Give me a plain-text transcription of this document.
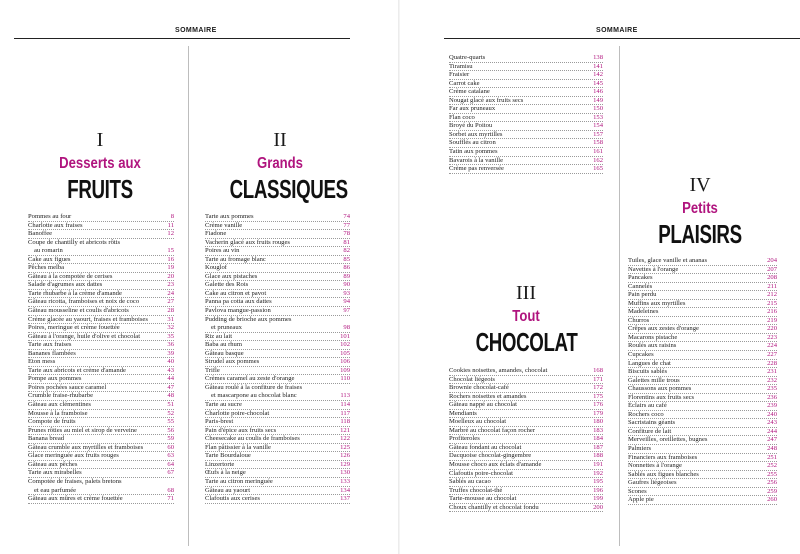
SOMMAIRE
I
Desserts aux
FRUITS
Pommes au four	8
Charlotte aux fraises	11
Banoffee	12
Coupe de chantilly et abricots rôtis
au romarin	15
Cake aux figues	16
Pêches melba	19
Gâteau à la compotée de cerises	20
Salade d'agrumes aux dattes	23
Tarte rhubarbe à la crème d'amande	24
Gâteau ricotta, framboises et noix de coco	27
Gâteau mousseline et coulis d'abricots	28
Crème glacée au yaourt, fraises et framboises	31
Poires, meringue et crème fouettée	32
Gâteau à l'orange, huile d'olive et chocolat	35
Tarte aux fraises	36
Bananes flambées	39
Eton mess	40
Tarte aux abricots et crème d'amande	43
Pompe aux pommes	44
Poires pochées sauce caramel	47
Crumble fraise-rhubarbe	48
Gâteau aux clémentines	51
Mousse à la framboise	52
Compote de fruits	55
Prunes rôties au miel et sirop de verveine	56
Banana bread	59
Gâteau crumble aux myrtilles et framboises	60
Glace meringuée aux fruits rouges	63
Gâteau aux pêches	64
Tarte aux mirabelles	67
Compotée de fraises, palets bretons
et eau parfumée	68
Gâteau aux mûres et crème fouettée	71
II
Grands
CLASSIQUES
Tarte aux pommes	74
Crème vanille	77
Fiadone	78
Vacherin glacé aux fruits rouges	81
Poires au vin	82
Tarte au fromage blanc	85
Kouglof	86
Glace aux pistaches	89
Galette des Rois	90
Cake au citron et pavot	93
Panna pa cotta aux dattes	94
Pavlova mangue-passion	97
Pudding de brioche aux pommes
et pruneaux	98
Riz au lait	101
Baba au rhum	102
Gâteau basque	105
Strudel aux pommes	106
Trifle	109
Crèmes caramel au zeste d'orange	110
Gâteau roulé à la confiture de fraises
et mascarpone au chocolat blanc	113
Tarte au sucre	114
Charlotte poire-chocolat	117
Paris-brest	118
Pain d'épice aux fruits secs	121
Cheesecake au coulis de framboises	122
Flan pâtissier à la vanille	125
Tarte Bourdaloue	126
Linzertorte	129
Œufs à la neige	130
Tarte au citron meringuée	133
Gâteau au yaourt	134
Clafoutis aux cerises	137
SOMMAIRE
Quatre-quarts	138
Tiramisu	141
Fraisier	142
Carrot cake	145
Crème catalane	146
Nougat glacé aux fruits secs	149
Far aux pruneaux	150
Flan coco	153
Broyé du Poitou	154
Sorbet aux myrtilles	157
Soufflés au citron	158
Tatin aux pommes	161
Bavarois à la vanille	162
Crème pas renversée	165
III
Tout
CHOCOLAT
Cookies noisettes, amandes, chocolat	168
Chocolat liégeois	171
Brownie chocolat-café	172
Rochers noisettes et amandes	175
Gâteau nappé au chocolat	176
Mendiants	179
Moelleux au chocolat	180
Marbré au chocolat façon rocher	183
Profiteroles	184
Gâteau fondant au chocolat	187
Dacquoise chocolat-gingembre	188
Mousse choco aux éclats d'amande	191
Clafoutis poire-chocolat	192
Sablés au cacao	195
Truffes chocolat-thé	196
Tarte-mousse au chocolat	199
Choux chantilly et chocolat fondu	200
IV
Petits
PLAISIRS
Tuiles, glace vanille et ananas	204
Navettes à l'orange	207
Pancakes	208
Cannelés	211
Pain perdu	212
Muffins aux myrtilles	215
Madeleines	216
Churros	219
Crêpes aux zestes d'orange	220
Macarons pistache	223
Roulés aux raisins	224
Cupcakes	227
Langues de chat	228
Biscuits sablés	231
Galettes mille trous	232
Chaussons aux pommes	235
Florentins aux fruits secs	236
Éclairs au café	239
Rochers coco	240
Sacristains géants	243
Confiture de lait	244
Merveilles, oreillettes, bugnes	247
Palmiers	248
Financiers aux framboises	251
Nonnettes à l'orange	252
Sablés aux figues blanches	255
Gaufres liégeoises	256
Scones	259
Apple pie	260
